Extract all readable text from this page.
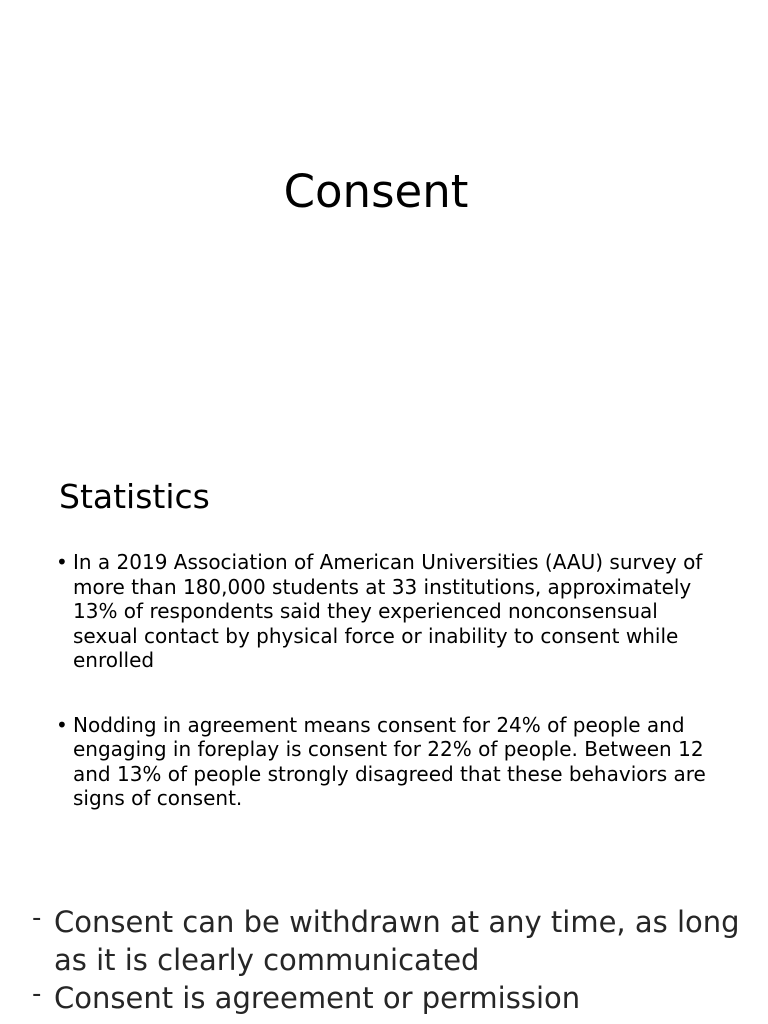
Consent
Statistics
• In a 2019 Association of American Universities (AAU) survey of more than 180,000 students at 33 institutions, approximately 13% of respondents said they experienced nonconsensual sexual contact by physical force or inability to consent while enrolled
• Nodding in agreement means consent for 24% of people and engaging in foreplay is consent for 22% of people. Between 12 and 13% of people strongly disagreed that these behaviors are signs of consent.
- Consent can be withdrawn at any time, as long as it is clearly communicated
- Consent is agreement or permission
